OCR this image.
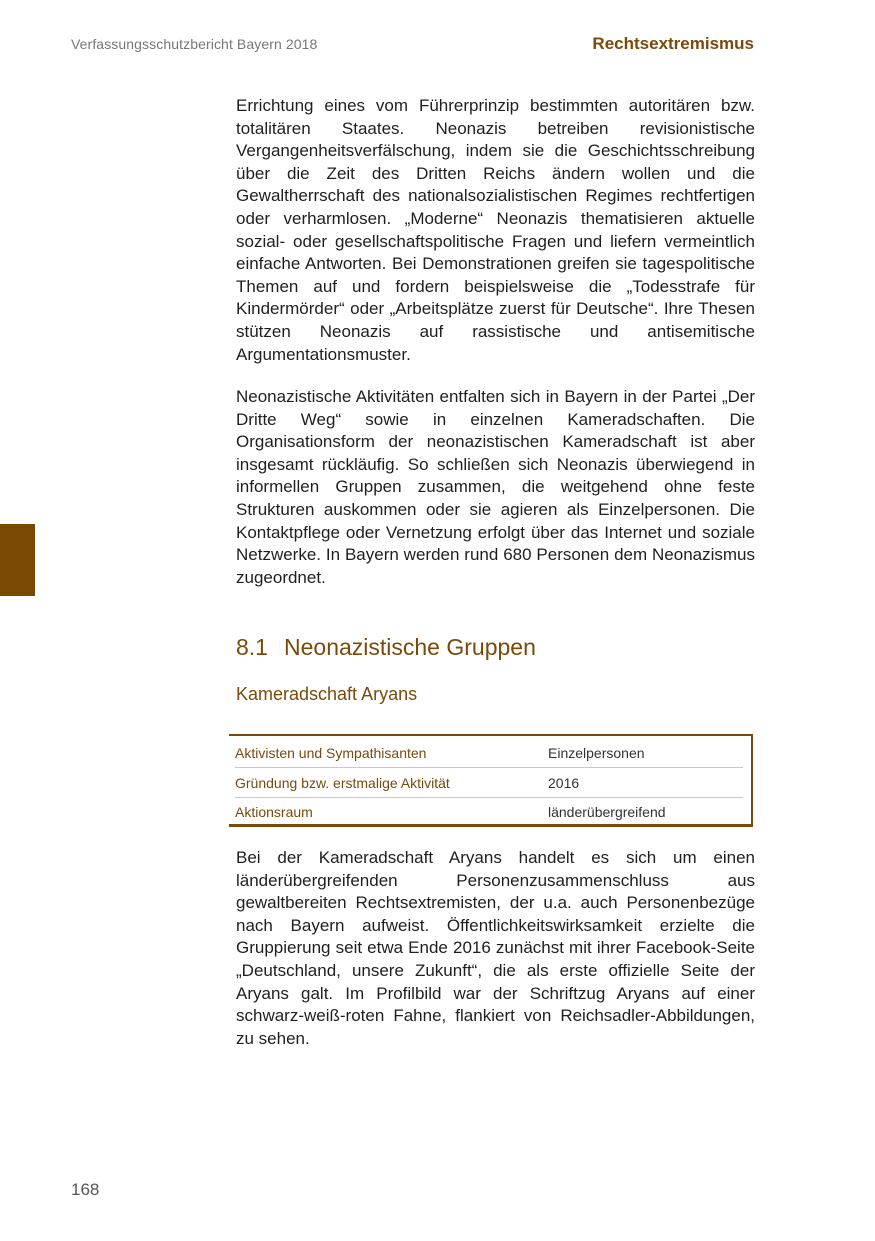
Verfassungsschutzbericht Bayern 2018	Rechtsextremismus

Errichtung eines vom Führerprinzip bestimmten autoritären bzw. totalitären Staates. Neonazis betreiben revisionistische Vergangenheitsverfälschung, indem sie die Geschichtsschreibung über die Zeit des Dritten Reichs ändern wollen und die Gewaltherrschaft des nationalsozialistischen Regimes rechtfertigen oder verharmlosen. „Moderne“ Neonazis thematisieren aktuelle sozial- oder gesellschaftspolitische Fragen und liefern vermeintlich einfache Antworten. Bei Demonstrationen greifen sie tagespolitische Themen auf und fordern beispielsweise die „Todesstrafe für Kindermörder“ oder „Arbeitsplätze zuerst für Deutsche“. Ihre Thesen stützen Neonazis auf rassistische und antisemitische Argumentationsmuster.

Neonazistische Aktivitäten entfalten sich in Bayern in der Partei „Der Dritte Weg“ sowie in einzelnen Kameradschaften. Die Organisationsform der neonazistischen Kameradschaft ist aber insgesamt rückläufig. So schließen sich Neonazis überwiegend in informellen Gruppen zusammen, die weitgehend ohne feste Strukturen auskommen oder sie agieren als Einzelpersonen. Die Kontaktpflege oder Vernetzung erfolgt über das Internet und soziale Netzwerke. In Bayern werden rund 680 Personen dem Neonazismus zugeordnet.

8.1 Neonazistische Gruppen
Kameradschaft Aryans
Aktivisten und Sympathisanten	Einzelpersonen
Gründung bzw. erstmalige Aktivität	2016
Aktionsraum	länderübergreifend

Bei der Kameradschaft Aryans handelt es sich um einen länderübergreifenden Personenzusammenschluss aus gewaltbereiten Rechtsextremisten, der u.a. auch Personenbezüge nach Bayern aufweist. Öffentlichkeitswirksamkeit erzielte die Gruppierung seit etwa Ende 2016 zunächst mit ihrer Facebook-Seite „Deutschland, unsere Zukunft“, die als erste offizielle Seite der Aryans galt. Im Profilbild war der Schriftzug Aryans auf einer schwarz-weiß-roten Fahne, flankiert von Reichsadler-Abbildungen, zu sehen.

168
